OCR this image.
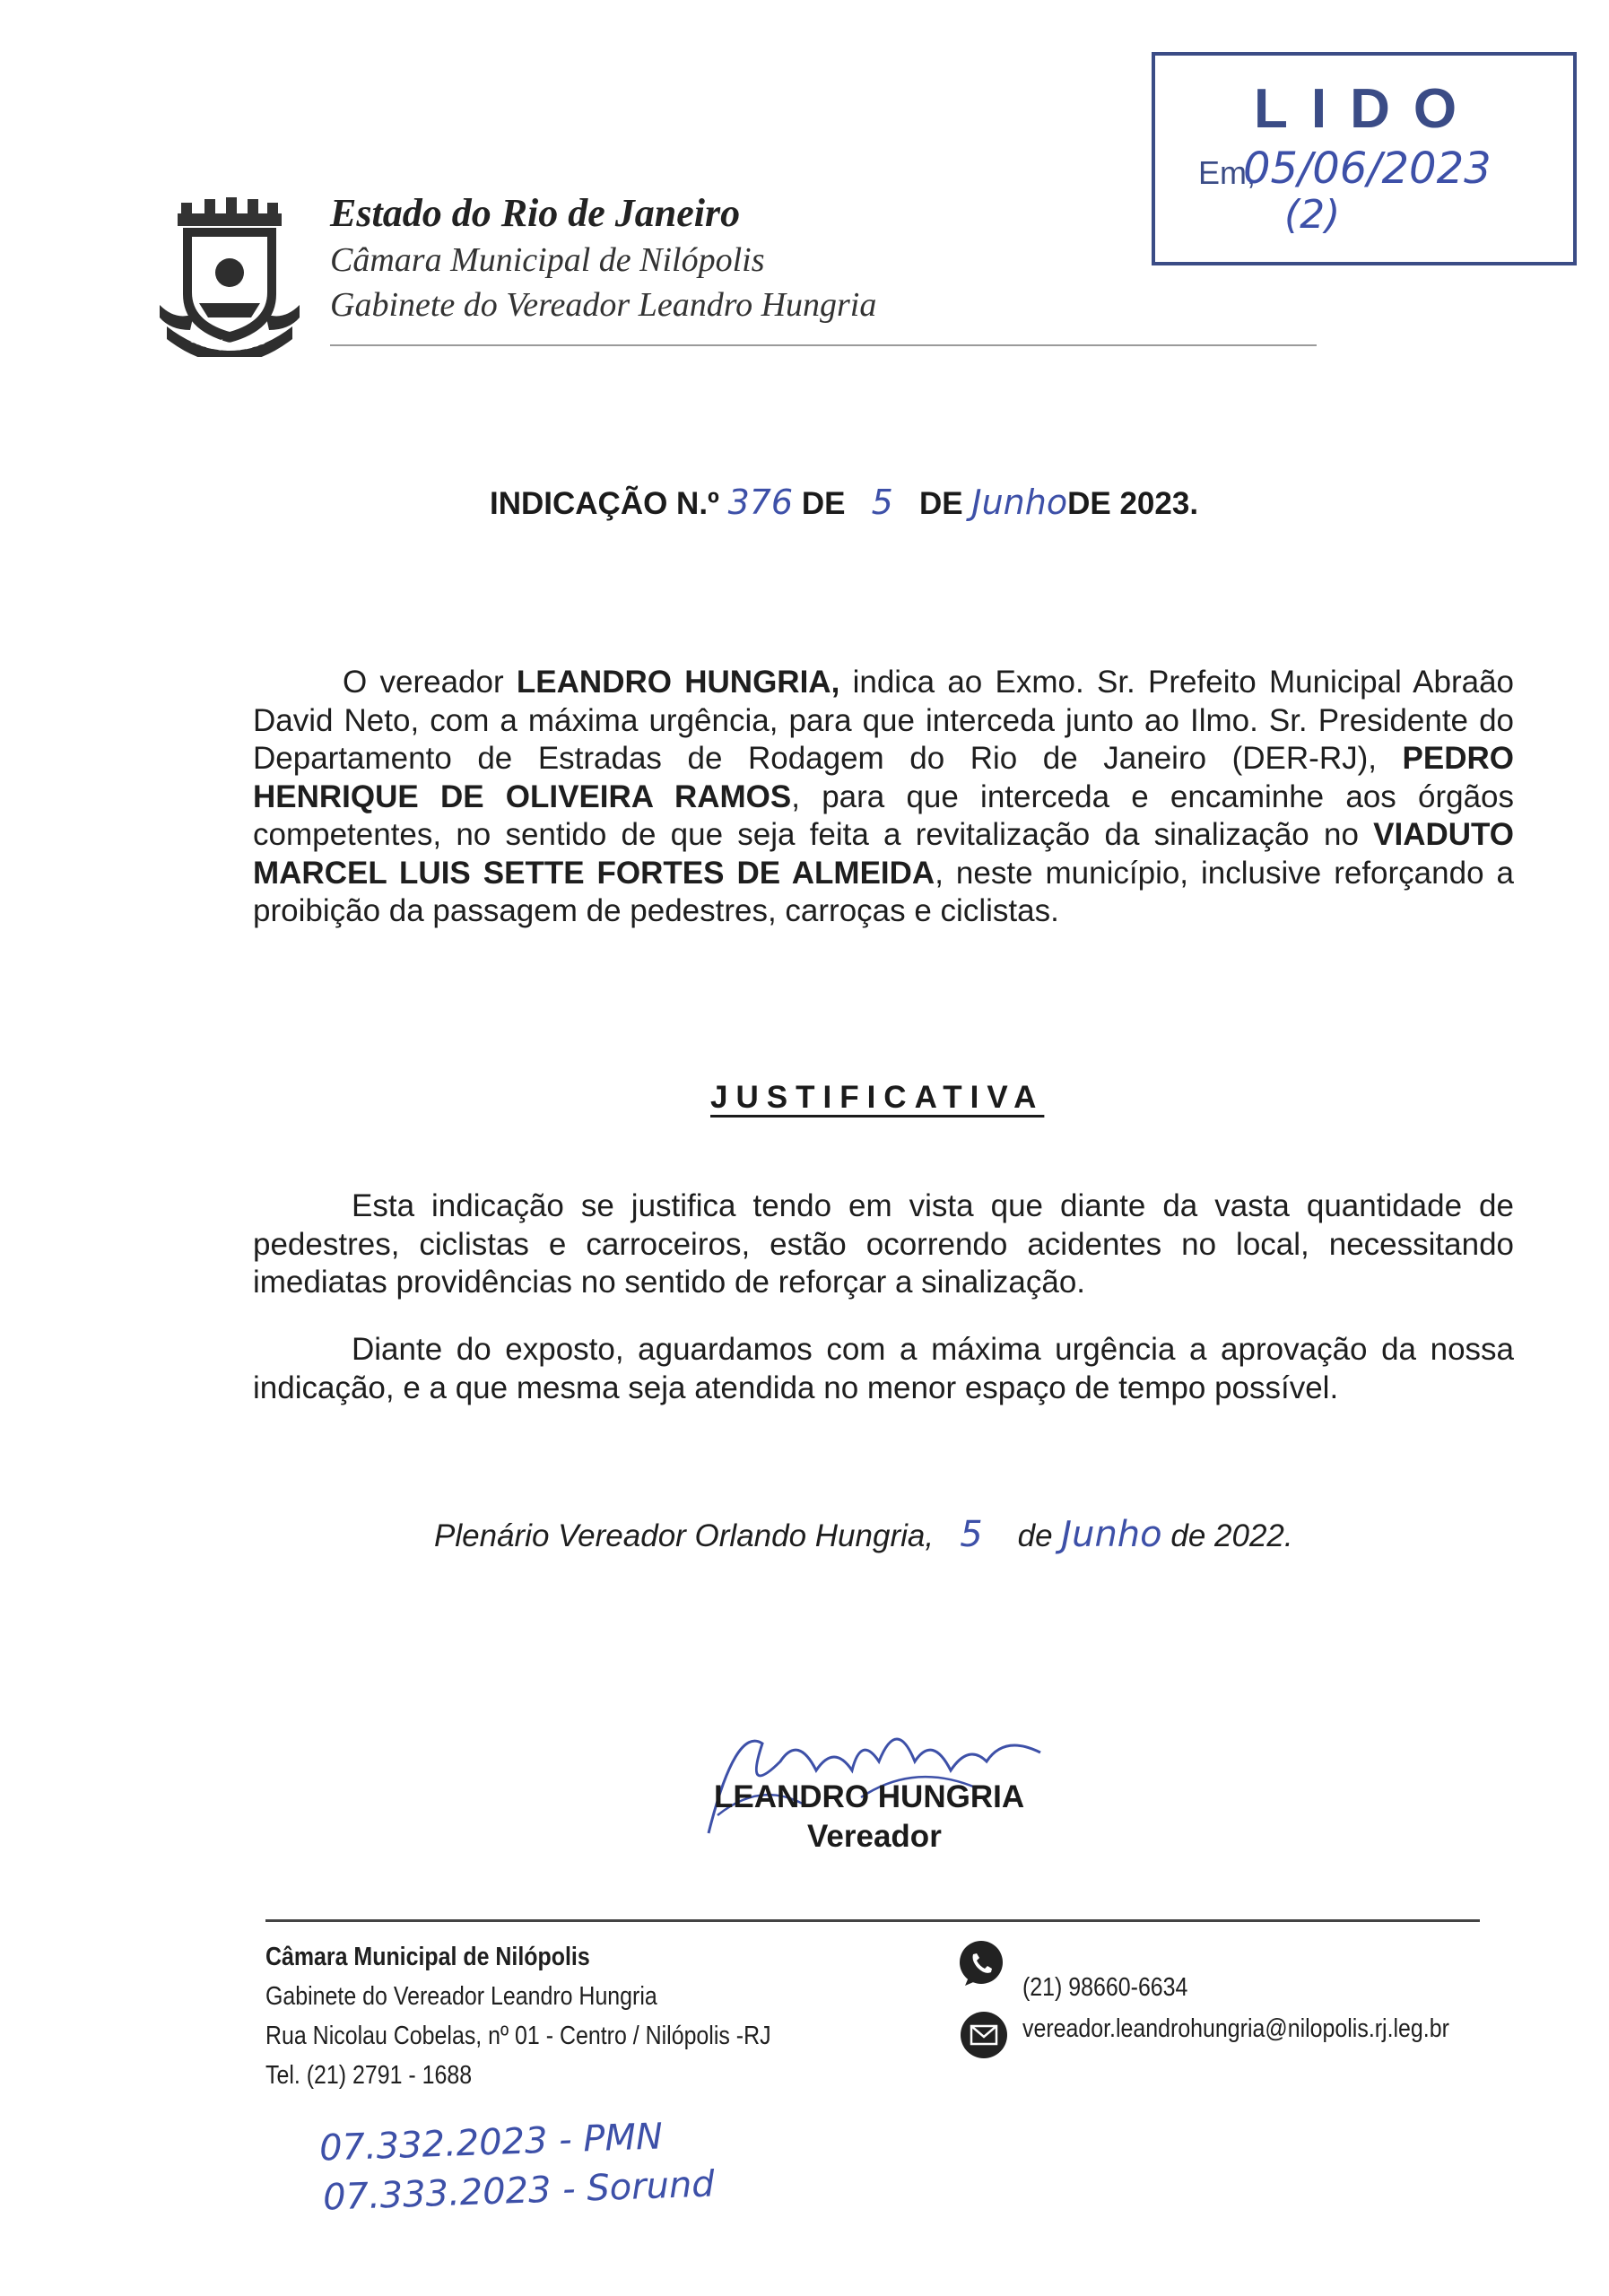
NILÓPOLIS
Estado do Rio de Janeiro
Câmara Municipal de Nilópolis
Gabinete do Vereador Leandro Hungria
LIDO
Em,
05/06/2023
(2)
INDICAÇÃO N.º 376 DE 5 DE JunhoDE 2023.

O vereador LEANDRO HUNGRIA, indica ao Exmo. Sr. Prefeito Municipal Abraão David Neto, com a máxima urgência, para que interceda junto ao Ilmo. Sr. Presidente do Departamento de Estradas de Rodagem do Rio de Janeiro (DER-RJ), PEDRO HENRIQUE DE OLIVEIRA RAMOS, para que interceda e encaminhe aos órgãos competentes, no sentido de que seja feita a revitalização da sinalização no VIADUTO MARCEL LUIS SETTE FORTES DE ALMEIDA, neste município, inclusive reforçando a proibição da passagem de pedestres, carroças e ciclistas.

JUSTIFICATIVA

Esta indicação se justifica tendo em vista que diante da vasta quantidade de pedestres, ciclistas e carroceiros, estão ocorrendo acidentes no local, necessitando imediatas providências no sentido de reforçar a sinalização.

Diante do exposto, aguardamos com a máxima urgência a aprovação da nossa indicação, e a que mesma seja atendida no menor espaço de tempo possível.

Plenário Vereador Orlando Hungria, 5 de Junho de 2022.
LEANDRO HUNGRIA
Vereador
Câmara Municipal de Nilópolis
Gabinete do Vereador Leandro Hungria
Rua Nicolau Cobelas, nº 01 - Centro / Nilópolis -RJ
Tel. (21) 2791 - 1688
(21) 98660-6634
vereador.leandrohungria@nilopolis.rj.leg.br
07.332.2023 - PMN
07.333.2023 - Sorund
